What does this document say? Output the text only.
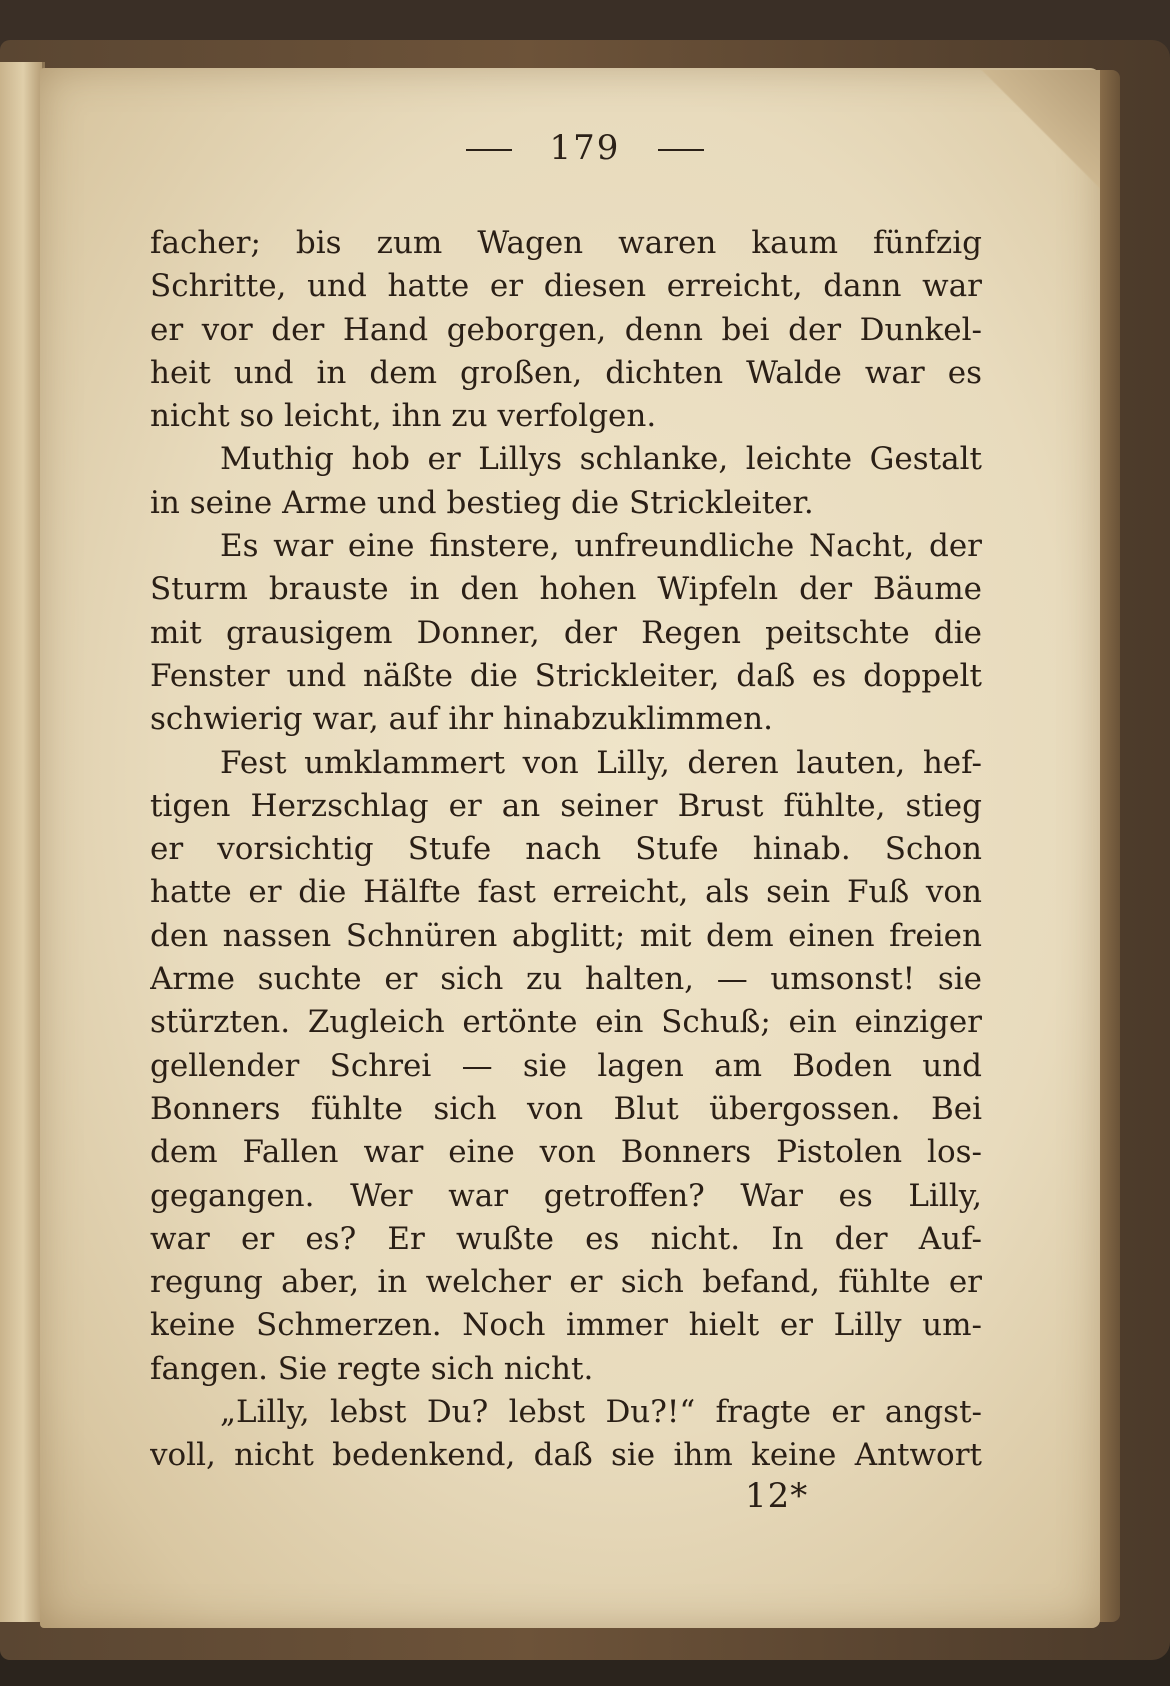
179
facher; bis zum Wagen waren kaum fünfzig
Schritte, und hatte er diesen erreicht, dann war
er vor der Hand geborgen, denn bei der Dunkel-
heit und in dem großen, dichten Walde war es
nicht so leicht, ihn zu verfolgen.
Muthig hob er Lillys schlanke, leichte Gestalt
in seine Arme und bestieg die Strickleiter.
Es war eine finstere, unfreundliche Nacht, der
Sturm brauste in den hohen Wipfeln der Bäume
mit grausigem Donner, der Regen peitschte die
Fenster und näßte die Strickleiter, daß es doppelt
schwierig war, auf ihr hinabzuklimmen.
Fest umklammert von Lilly, deren lauten, hef-
tigen Herzschlag er an seiner Brust fühlte, stieg
er vorsichtig Stufe nach Stufe hinab. Schon
hatte er die Hälfte fast erreicht, als sein Fuß von
den nassen Schnüren abglitt; mit dem einen freien
Arme suchte er sich zu halten, — umsonst! sie
stürzten. Zugleich ertönte ein Schuß; ein einziger
gellender Schrei — sie lagen am Boden und
Bonners fühlte sich von Blut übergossen. Bei
dem Fallen war eine von Bonners Pistolen los-
gegangen. Wer war getroffen? War es Lilly,
war er es? Er wußte es nicht. In der Auf-
regung aber, in welcher er sich befand, fühlte er
keine Schmerzen. Noch immer hielt er Lilly um-
fangen. Sie regte sich nicht.
„Lilly, lebst Du? lebst Du?!“ fragte er angst-
voll, nicht bedenkend, daß sie ihm keine Antwort
12*
